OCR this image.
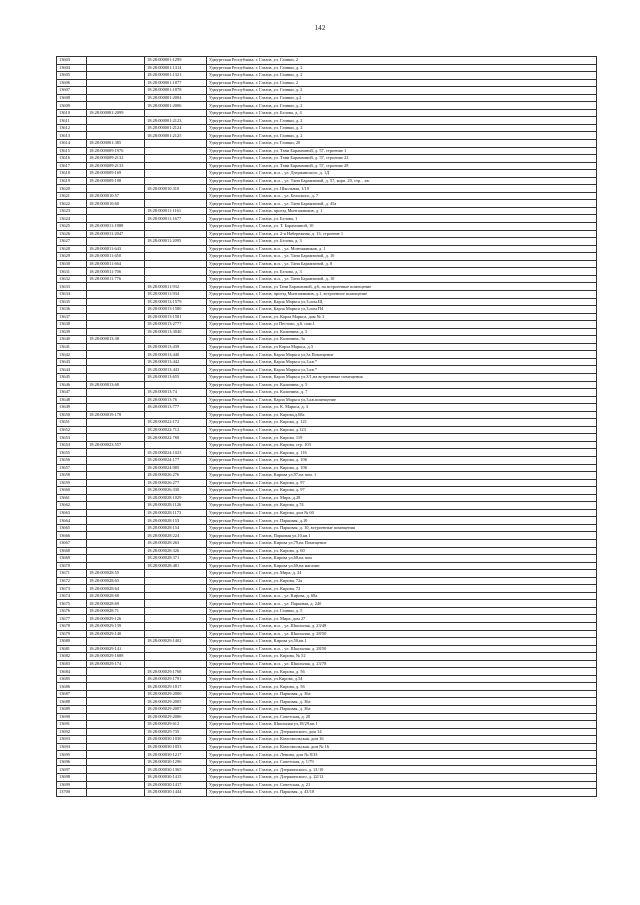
142
13603		18:28:000001:1299	Удмуртская Республика, г. Глазов, ул. Глинки, 2
13604		18:28:000001:1314	Удмуртская Республика, г. Глазов, ул. Глинки, д. 2
13605		18:28:000001:1321	Удмуртская Республика, г. Глазов, ул. Глинки, д. 2
13606		18:28:000001:1877	Удмуртская Республика, г. Глазов, ул. Глинки, 2
13607		18:28:000001:1878	Удмуртская Республика, г. Глазов, ул. Глинки, д. 2
13608		18:28:000001:2004	Удмуртская Республика, г. Глазов, ул. Глинки, д.2
13609		18:28:000001:2006	Удмуртская Республика, г. Глазов, ул. Глинки, д. 2
13610	18:28:000001:2099		Удмуртская Республика, г. Глазов, ул. Белова, д. 4
13611		18:28:000001:2123	Удмуртская Республика, г. Глазов, ул. Глинки, д. 2
13612		18:28:000001:2124	Удмуртская Республика, г. Глазов, ул. Глинки, д. 2
13613		18:28:000001:2125	Удмуртская Республика, г. Глазов, ул. Глинки, д. 2
13614	18:28:000001:385		Удмуртская Республика, г. Глазов, ул. Глинки, 20
13615	18:28:000009:1976		Удмуртская Республика, г. Глазов, ул. Тани Барамзиной, д. 57, строение 1
13616	18:28:000009:2132		Удмуртская Республика, г. Глазов, ул. Тани Барамзиной, д. 57, строение 22
13617	18:28:000009:2133		Удмуртская Республика, г. Глазов, ул. Тани Барамзиной, д. 57, строение 28
13618	18:28:000009:169		Удмуртская Республика, г. Глазов, м.п. , ул. Дзержинского, д. 1Д
13619	18:28:000009:198		Удмуртская Республика, г. Глазов, м.п. , ул. Тани Барамзиной, д. 57, корп. 20, стр. , кв.
13620		18:28:000010:310	Удмуртская Республика, г. Глазов, ул. Школьная, 1/10
13621	18:28:000010:57		Удмуртская Республика, г. Глазов, м.п. , ул. Бельского, д. 7
13622	18:28:000010:60		Удмуртская Республика, г. Глазов, м.п. , ул. Тани Барамзиной, д. 45а
13623		18:28:000011:1161	Удмуртская Республика, г. Глазов, проезд Монтажников, д. 1
13624		18:28:000011:1677	Удмуртская Республика, г. Глазов, ул. Белова, 1
13625	18:28:000011:1888		Удмуртская Республика, г. Глазов, ул. Т. Барамзиной, 10
13626	18:28:000011:2047		Удмуртская Республика, г. Глазов, ул. 2-я Набережная, д. 13, строение 1
13627		18:28:000011:2095	Удмуртская Республика, г. Глазов, ул. Белова, д. 3
13628	18:28:000011:643		Удмуртская Республика, г. Глазов, м.п. , ул. Монтажников, д. 1
13629	18:28:000011:650		Удмуртская Республика, г. Глазов, м.п. , ул. Тани Барамзиной, д. 10
13630	18:28:000011:664		Удмуртская Республика, г. Глазов, м.п. , ул. Тани Барамзиной, д. 8
13631	18:28:000011:706		Удмуртская Республика, г. Глазов, ул. Белова, д. 3
13632	18:28:000011:776		Удмуртская Республика, г. Глазов, м.п. , ул. Тани Барамзиной, д. 10
13633		18:28:000011:932	Удмуртская Республика, г. Глазов, ул Тани Барамзиной, д.6, на встроенные помещение
13634		18:28:000011:934	Удмуртская Республика, г. Глазов, проезд Монтажников, д.1, встроенное помещение
13635		18:28:000013:1579	Удмуртская Республика, г. Глазов, Карла Маркса ул,3,пом.Щ
13636		18:28:000013:1580	Удмуртская Республика, г. Глазов, Карла Маркса ул,3,пом.П4
13637		18:28:000013:1581	Удмуртская Республика, г. Глазов, ул. Карла Маркса, дом № 3
13638		18:28:000013:2777	Удмуртская Республика, г. Глазов, ул Пестово, д.6, пом.1
13639		18:28:000013:3040	Удмуртская Республика, г. Глазов, ул. Калинина, д. 5
13640	18:28:000013:38		Удмуртская Республика, г. Глазов, ул. Калинина, 3а
13641		18:28:000013:439	Удмуртская Республика, г. Глазов, ул Карла Маркса, д.3
13642		18:28:000013:440	Удмуртская Республика, г. Глазов, Карла Маркса ул,3а Помещение
13643		18:28:000013:442	Удмуртская Республика, г. Глазов, Карла Маркса ул,3,кв.*
13644		18:28:000013:443	Удмуртская Республика, г. Глазов, Карла Маркса ул,3,кв.*
13645		18:28:000013:655	Удмуртская Республика, г. Глазов, Карла Маркса ул,3/1,на встроенные помещения
13646	18:28:000013:68		Удмуртская Республика, г. Глазов, ул. Калинина, д. 5
13647		18:28:000013:74	Удмуртская Республика, г. Глазов, ул. Калинина, д. 7
13648		18:28:000013:76	Удмуртская Республика, г. Глазов, Карла Маркса ул,3,кв.помещение
13649		18:28:000013:777	Удмуртская Республика, г. Глазов, ул. К. Маркса, д. 3
13650	18:28:000019:178		Удмуртская Республика, г. Глазов, ул. Кирова,д.68а
13651		18:28:000022:172	Удмуртская Республика, г. Глазов, ул. Кирова, д. 121
13652		18:28:000022:712	Удмуртская Республика, г. Глазов, ул. Кирова, д.123
13653		18:28:000022:768	Удмуртская Республика, г. Глазов, ул. Кирова, 119
13654	18:28:000023:557		Удмуртская Республика, г. Глазов, ул. Кирова, стр. 103
13655		18:28:000024:1023	Удмуртская Республика, г. Глазов, ул. Кирова, д. 116
13656		18:28:000024:177	Удмуртская Республика, г. Глазов, ул. Кирова, д. 106
13657		18:28:000024:985	Удмуртская Республика, г. Глазов, ул. Кирова, д. 106
13658		18:28:000026:276	Удмуртская Республика, г. Глазов, Кирова ул,97,на пом. 1
13659		18:28:000026:277	Удмуртская Республика, г. Глазов, ул. Кирова, д. 97
13660		18:28:000026:330	Удмуртская Республика, г. Глазов, ул. Кирова, д. 97
13661		18:28:000028:1029	Удмуртская Республика, г. Глазов, ул. Мира, д.28
13662		18:28:000028:1126	Удмуртская Республика, г. Глазов, ул. Кирова, д.74
13663		18:28:000028:1173	Удмуртская Республика, г. Глазов, ул. Кирова, дом № 60
13664		18:28:000028:153	Удмуртская Республика, г. Глазов, ул. Парковая, д.10
13665		18:28:000028:154	Удмуртская Республика, г. Глазов, ул. Парковая, д. 10, встроенные помещения
13666		18:28:000028:224	Удмуртская Республика, г. Глазов, Парковая ул,10,кв.1
13667		18:28:000028:263	Удмуртская Республика, г. Глазов, Кирова ул,79,на Помещение
13668		18:28:000028:326	Удмуртская Республика, г. Глазов, ул. Кирова, д. 60
13669		18:28:000028:371	Удмуртская Республика, г. Глазов, Кирова ул,68,на пом
13670		18:28:000028:481	Удмуртская Республика, г. Глазов, Кирова ул,60,на магазин
13671	18:28:000028:55		Удмуртская Республика, г. Глазов, ул. Мира, д. 24
13672	18:28:000028:63		Удмуртская Республика, г. Глазов, ул. Кирова, 72а
13673	18:28:000028:64		Удмуртская Республика, г. Глазов, ул. Кирова, 72
13674	18:28:000028:68		Удмуртская Республика, г. Глазов, м.п. , ул. Кирова, д. 68а
13675	18:28:000028:69		Удмуртская Республика, г. Глазов, м.п. , ул. Парковая, д. 24б
13676	18:28:000028:71		Удмуртская Республика, г. Глазов, ул. Глинки, д. 5
13677	18:28:000029:126		Удмуртская Республика, г. Глазов, ул. Мира, дом 27
13678	18:28:000029:139		Удмуртская Республика, г. Глазов, м.п. , ул. Школьная, д. 23/48
13679	18:28:000029:140		Удмуртская Республика, г. Глазов, м.п. , ул. Школьная, д. 28/50
13680		18:28:000029:1402	Удмуртская Республика, г. Глазов, Кирова ул,50,кв.1
13681	18:28:000029:141		Удмуртская Республика, г. Глазов, м.п. , ул. Школьная, д. 28/50
13682	18:28:000029:1688		Удмуртская Республика, г. Глазов, ул. Кирова, № 52
13683	18:28:000029:174		Удмуртская Республика, г. Глазов, м.п. , ул. Школьная, д. 23/78
13684		18:28:000029:1768	Удмуртская Республика, г. Глазов, ул. Кирова, д. 56
13685		18:28:000029:1791	Удмуртская Республика, г. Глазов, ул.Кирова, д.54
13686		18:28:000029:1817	Удмуртская Республика, г. Глазов, ул. Кирова, д. 56
13687		18:28:000029:2000	Удмуртская Республика, г. Глазов, ул. Парковая, д. 36а
13688		18:28:000029:2005	Удмуртская Республика, г. Глазов, ул. Парковая, д. 36а
13689		18:28:000029:2007	Удмуртская Республика, г. Глазов, ул. Парковая, д. 36а
13690		18:28:000029:2086	Удмуртская Республика, г. Глазов, ул. Советская, д. 20
13691		18:28:000029:612	Удмуртская Республика, г. Глазов, Школьная ул,18/29,кв.1
13692		18:28:000029:735	Удмуртская Республика, г. Глазов, ул. Дзержинского, дом 14
13693		18:28:000030:1030	Удмуртская Республика, г. Глазов, ул. Комсомольская, дом 16
13694		18:28:000030:1053	Удмуртская Республика, г. Глазов, ул. Комсомольская, дом № 16
13695		18:28:000030:1217	Удмуртская Республика, г. Глазов, ул. Ленина, дом № 8/33
13696		18:28:000030:1296	Удмуртская Республика, г. Глазов, ул. Советская, д. 1/79
13697		18:28:000030:1365	Удмуртская Республика, г. Глазов, ул. Дзержинского, д. 21/10
13698		18:28:000030:1415	Удмуртская Республика, г. Глазов, ул. Дзержинского, д. 22/12
13699		18:28:000030:1417	Удмуртская Республика, г. Глазов, ул. Советская, д. 21
13700		18:28:000030:1444	Удмуртская Республика, г. Глазов, ул. Парковая, д. 43/18
